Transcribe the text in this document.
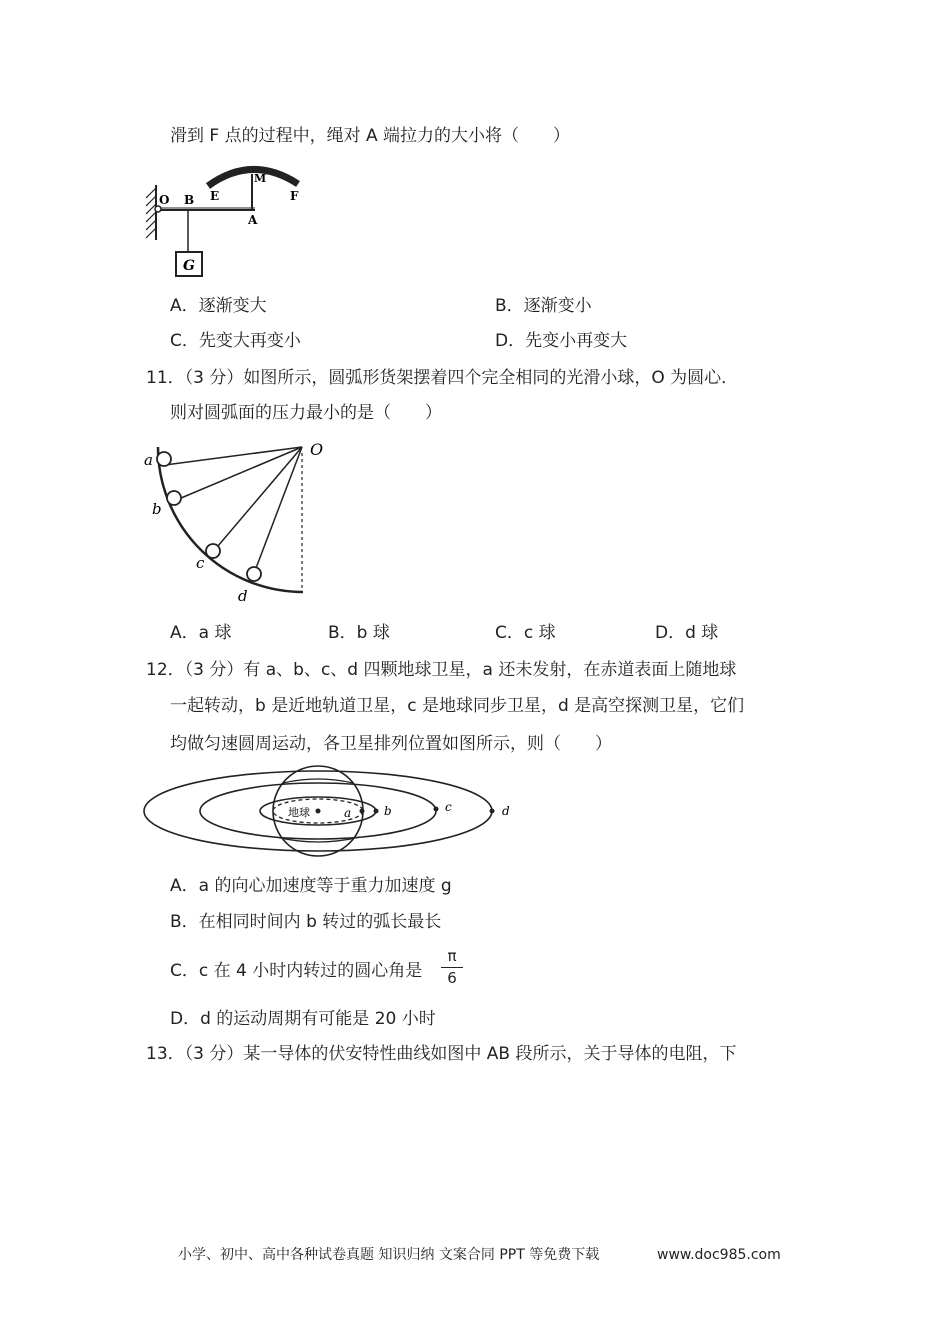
滑到 F 点的过程中，绳对 A 端拉力的大小将（　　）
G
O B E
M
F
A
A．逐渐变大	B．逐渐变小
C．先变大再变小	D．先变小再变大
11．（3 分）如图所示，圆弧形货架摆着四个完全相同的光滑小球，O 为圆心．
则对圆弧面的压力最小的是（　　）
O
a
b
c
d
A．a 球	B．b 球	C．c 球	D．d 球
12．（3 分）有 a、b、c、d 四颗地球卫星，a 还未发射，在赤道表面上随地球
一起转动，b 是近地轨道卫星，c 是地球同步卫星，d 是高空探测卫星，它们
均做匀速圆周运动，各卫星排列位置如图所示，则（　　）
地球	a	b	c	d
A．a 的向心加速度等于重力加速度 g
B．在相同时间内 b 转过的弧长最长
C．c 在 4 小时内转过的圆心角是
π
6
D．d 的运动周期有可能是 20 小时
13．（3 分）某一导体的伏安特性曲线如图中 AB 段所示，关于导体的电阻，下
小学、初中、高中各种试卷真题 知识归纳 文案合同 PPT 等免费下载	www.doc985.com
